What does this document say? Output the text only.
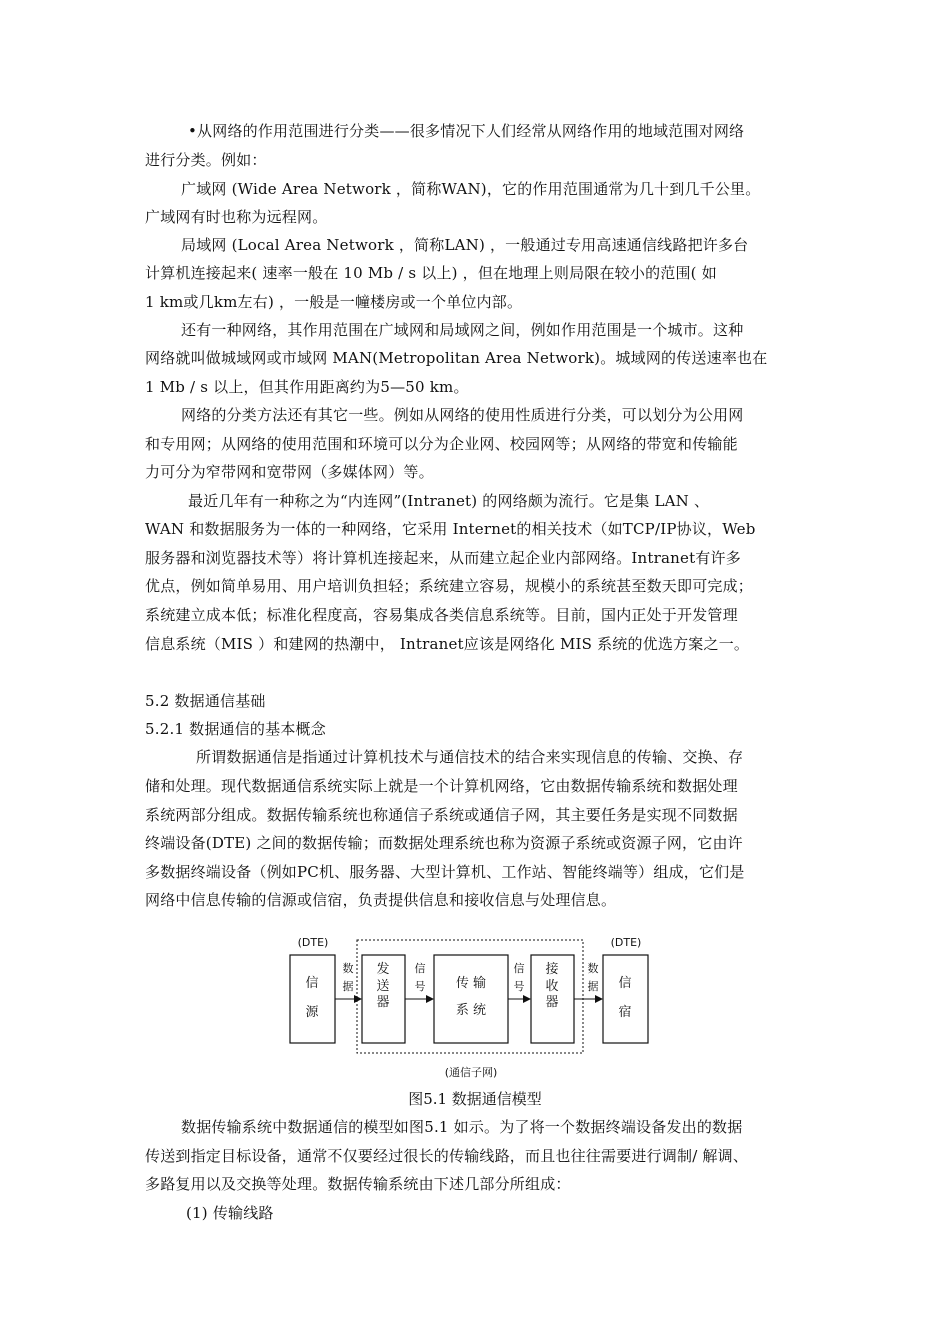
•从网络的作用范围进行分类——很多情况下人们经常从网络作用的地域范围对网络
进行分类。例如：
广域网 (Wide Area Network ，简称WAN)，它的作用范围通常为几十到几千公里。
广域网有时也称为远程网。
局域网 (Local Area Network ，简称LAN) ，一般通过专用高速通信线路把许多台
计算机连接起来( 速率一般在 10 Mb / s 以上) ，但在地理上则局限在较小的范围( 如
1 km或几km左右) ，一般是一幢楼房或一个单位内部。
还有一种网络，其作用范围在广域网和局域网之间，例如作用范围是一个城市。这种
网络就叫做城域网或市域网 MAN(Metropolitan Area Network)。城域网的传送速率也在
1 Mb / s 以上，但其作用距离约为5—50 km。
网络的分类方法还有其它一些。例如从网络的使用性质进行分类，可以划分为公用网
和专用网；从网络的使用范围和环境可以分为企业网、校园网等；从网络的带宽和传输能
力可分为窄带网和宽带网（多媒体网）等。
最近几年有一种称之为“内连网”(Intranet) 的网络颇为流行。它是集 LAN 、
WAN 和数据服务为一体的一种网络，它采用 Internet的相关技术（如TCP/IP协议，Web
服务器和浏览器技术等）将计算机连接起来，从而建立起企业内部网络。Intranet有许多
优点，例如简单易用、用户培训负担轻；系统建立容易，规模小的系统甚至数天即可完成；
系统建立成本低；标准化程度高，容易集成各类信息系统等。目前，国内正处于开发管理
信息系统（MIS ）和建网的热潮中， Intranet应该是网络化 MIS 系统的优选方案之一。
5.2 数据通信基础
5.2.1 数据通信的基本概念
所谓数据通信是指通过计算机技术与通信技术的结合来实现信息的传输、交换、存
储和处理。现代数据通信系统实际上就是一个计算机网络，它由数据传输系统和数据处理
系统两部分组成。数据传输系统也称通信子系统或通信子网，其主要任务是实现不同数据
终端设备(DTE) 之间的数据传输；而数据处理系统也称为资源子系统或资源子网，它由许
多数据终端设备（例如PC机、服务器、大型计算机、工作站、智能终端等）组成，它们是
网络中信息传输的信源或信宿，负责提供信息和接收信息与处理信息。
(DTE)	(DTE)
信
源
发
送
器
传 输
系 统
接
收
器
信
宿
数
据
信
号
信
号
数
据
(通信子网)
图5.1 数据通信模型
数据传输系统中数据通信的模型如图5.1 如示。为了将一个数据终端设备发出的数据
传送到指定目标设备，通常不仅要经过很长的传输线路，而且也往往需要进行调制/ 解调、
多路复用以及交换等处理。数据传输系统由下述几部分所组成：
(1) 传输线路
